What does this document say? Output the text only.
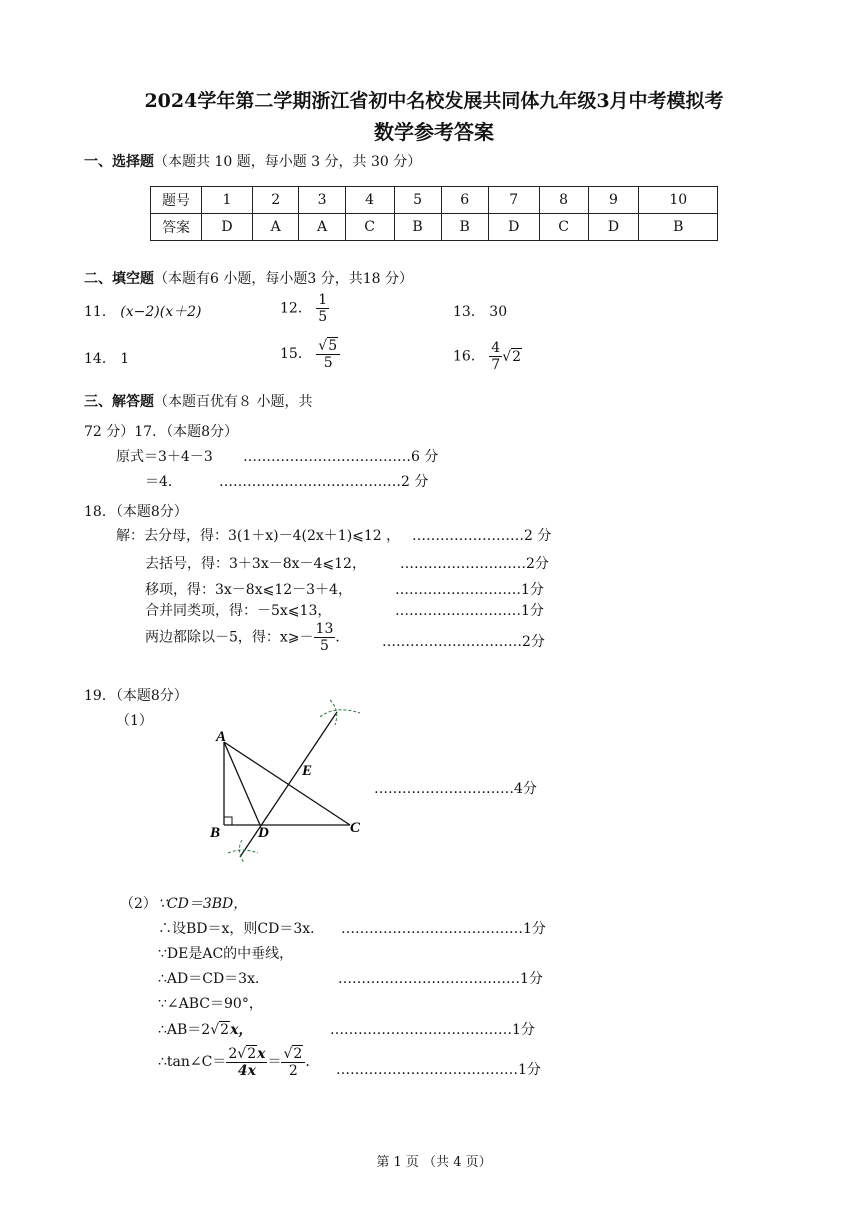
2024学年第二学期浙江省初中名校发展共同体九年级3月中考模拟考
数学参考答案
一、选择题（本题共 10 题，每小题 3 分，共 30 分）
题号	1	2	3	4	5	6	7	8	9	10
答案	D	A	A	C	B	B	D	C	D	B
二、填空题（本题有6 小题，每小题3 分，共18 分）
11． (x−2)(x＋2)	12． $\frac{1}{5}$	13． 30
14． 1	15． √ $\frac{5}{5}$	16． $\frac{4}{7}$ √ 2
三、解答题（本题百优有８ 小题，共
72 分）17．（本题8分）
原式＝3＋4－3 ………………………………6 分
＝4．	…………………………………2 分
18．（本题8分）
解：去分母，得：3(1＋x)－4(2x＋1)⩽12 ， ……………………2 分
去括号，得：3＋3x－8x－4⩽12， ………………………2分
移项，得：3x－8x⩽12－3＋4，	………………………1分
合并同类项，得：－5x⩽13，	………………………1分
两边都除以－5，得：x⩾－ $\frac{13}{5}$ ． …………………………2分
19．（本题8分）
（1）
A
B	D	C
E
…………………………4分
（2） ∵CD＝3BD，
∴设BD＝x，则CD＝3x． …………………………………1分
∵DE是AC的中垂线，
∴AD＝CD＝3x．	…………………………………1分
∵∠ABC＝90°，
∴AB＝2 √ 2x，	…………………………………1分
∴tan∠C＝ $\frac{2 √ 2x}{4x}$ ＝ √ $\frac{2}{2}$ ． …………………………………1分
第 1 页 （共 4 页）
